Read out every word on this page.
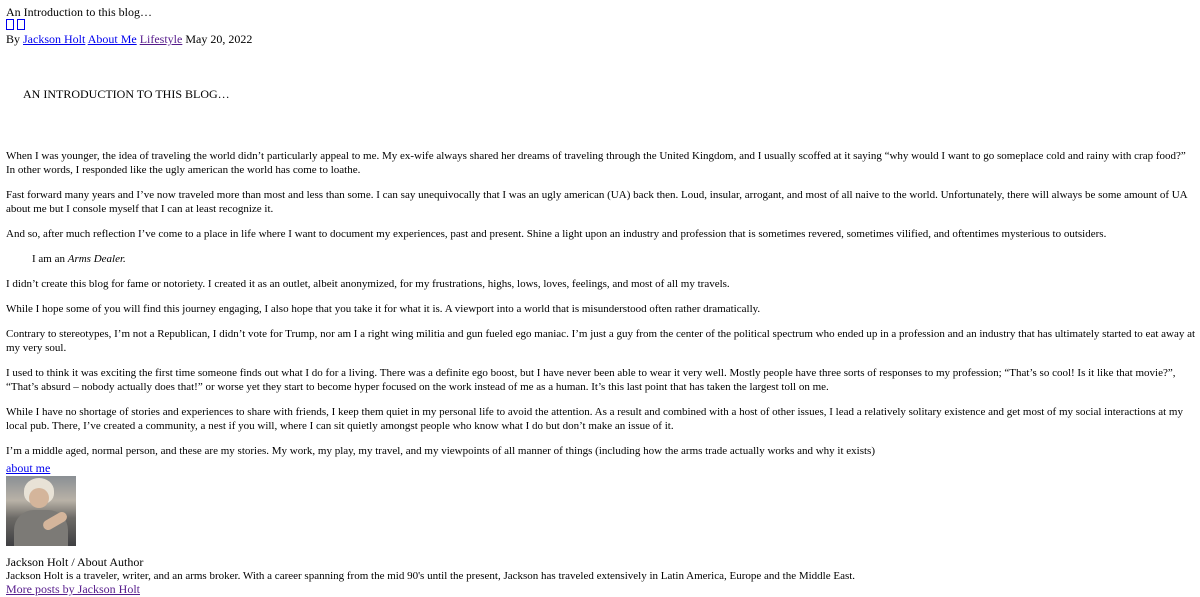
An Introduction to this blog…
By Jackson Holt About Me Lifestyle May 20, 2022
AN INTRODUCTION TO THIS BLOG…

When I was younger, the idea of traveling the world didn’t particularly appeal to me. My ex-wife always shared her dreams of traveling through the United Kingdom, and I usually scoffed at it saying “why would I want to go someplace cold and rainy with crap food?” In other words, I responded like the ugly american the world has come to loathe.

Fast forward many years and I’ve now traveled more than most and less than some. I can say unequivocally that I was an ugly american (UA) back then. Loud, insular, arrogant, and most of all naive to the world. Unfortunately, there will always be some amount of UA about me but I console myself that I can at least recognize it.

And so, after much reflection I’ve come to a place in life where I want to document my experiences, past and present. Shine a light upon an industry and profession that is sometimes revered, sometimes vilified, and oftentimes mysterious to outsiders.

I am an Arms Dealer.

I didn’t create this blog for fame or notoriety. I created it as an outlet, albeit anonymized, for my frustrations, highs, lows, loves, feelings, and most of all my travels.

While I hope some of you will find this journey engaging, I also hope that you take it for what it is. A viewport into a world that is misunderstood often rather dramatically.

Contrary to stereotypes, I’m not a Republican, I didn’t vote for Trump, nor am I a right wing militia and gun fueled ego maniac. I’m just a guy from the center of the political spectrum who ended up in a profession and an industry that has ultimately started to eat away at my very soul.

I used to think it was exciting the first time someone finds out what I do for a living. There was a definite ego boost, but I have never been able to wear it very well. Mostly people have three sorts of responses to my profession; “That’s so cool! Is it like that movie?”, “That’s absurd – nobody actually does that!” or worse yet they start to become hyper focused on the work instead of me as a human. It’s this last point that has taken the largest toll on me.

While I have no shortage of stories and experiences to share with friends, I keep them quiet in my personal life to avoid the attention. As a result and combined with a host of other issues, I lead a relatively solitary existence and get most of my social interactions at my local pub. There, I’ve created a community, a nest if you will, where I can sit quietly amongst people who know what I do but don’t make an issue of it.

I’m a middle aged, normal person, and these are my stories. My work, my play, my travel, and my viewpoints of all manner of things (including how the arms trade actually works and why it exists)

about me
Jackson Holt / About Author
Jackson Holt is a traveler, writer, and an arms broker. With a career spanning from the mid 90's until the present, Jackson has traveled extensively in Latin America, Europe and the Middle East.
More posts by Jackson Holt
